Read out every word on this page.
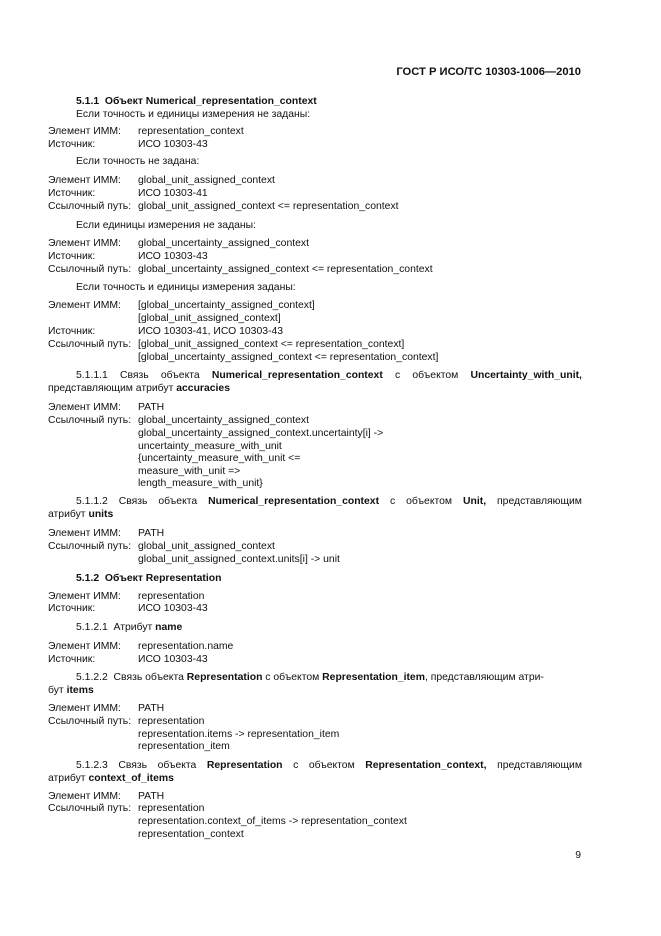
ГОСТ Р ИСО/ТС 10303-1006—2010
5.1.1 Объект Numerical_representation_context
Если точность и единицы измерения не заданы:
Элемент ИММ: representation_context
Источник:	ИСО 10303-43
Если точность не задана:
Элемент ИММ: global_unit_assigned_context
Источник:	ИСО 10303-41
Ссылочный путь: global_unit_assigned_context <= representation_context
Если единицы измерения не заданы:
Элемент ИММ: global_uncertainty_assigned_context
Источник:	ИСО 10303-43
Ссылочный путь: global_uncertainty_assigned_context <= representation_context
Если точность и единицы измерения заданы:
Элемент ИММ: [global_uncertainty_assigned_context]
[global_unit_assigned_context]
Источник:	ИСО 10303-41, ИСО 10303-43
Ссылочный путь: [global_unit_assigned_context <= representation_context]
[global_uncertainty_assigned_context <= representation_context]
5.1.1.1 Связь объекта Numerical_representation_context с объектом Uncertainty_with_unit,
представляющим атрибут accuracies
Элемент ИММ: PATH
Ссылочный путь: global_uncertainty_assigned_context
global_uncertainty_assigned_context.uncertainty[i] ->
uncertainty_measure_with_unit
{uncertainty_measure_with_unit <=
measure_with_unit =>
length_measure_with_unit}
5.1.1.2 Связь объекта Numerical_representation_context с объектом Unit, представляющим
атрибут units
Элемент ИММ: PATH
Ссылочный путь: global_unit_assigned_context
global_unit_assigned_context.units[i] -> unit
5.1.2 Объект Representation
Элемент ИММ: representation
Источник:	ИСО 10303-43
5.1.2.1  Атрибут name
Элемент ИММ: representation.name
Источник:	ИСО 10303-43
5.1.2.2  Связь объекта Representation с объектом Representation_item, представляющим атри-
бут items
Элемент ИММ: PATH
Ссылочный путь: representation
representation.items -> representation_item
representation_item
5.1.2.3 Связь объекта Representation с объектом Representation_context, представляющим
атрибут context_of_items
Элемент ИММ: PATH
Ссылочный путь: representation
representation.context_of_items -> representation_context
representation_context
9
